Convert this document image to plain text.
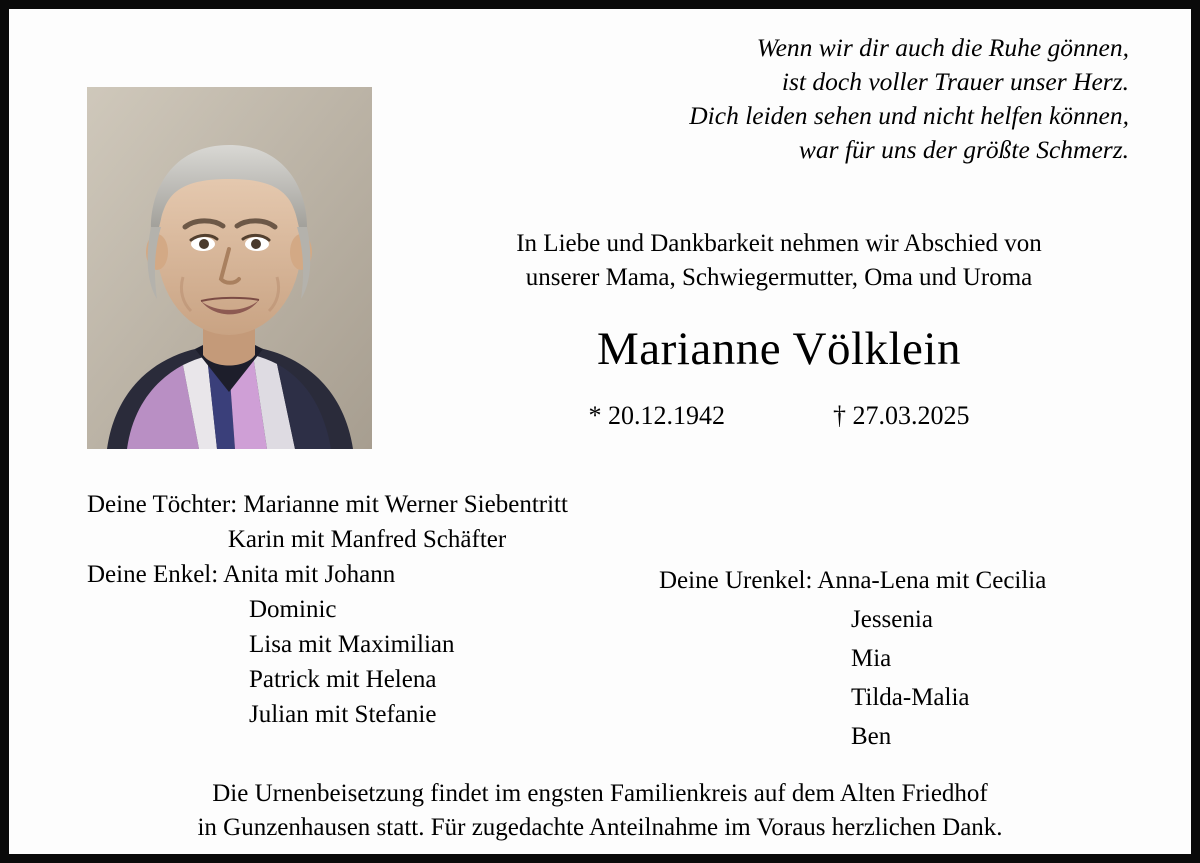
Wenn wir dir auch die Ruhe gönnen,
ist doch voller Trauer unser Herz.
Dich leiden sehen und nicht helfen können,
war für uns der größte Schmerz.
In Liebe und Dankbarkeit nehmen wir Abschied von
unserer Mama, Schwiegermutter, Oma und Uroma
Marianne Völklein
* 20.12.1942	† 27.03.2025
Deine Töchter: Marianne mit Werner Siebentritt
Karin mit Manfred Schäfter
Deine Enkel: Anita mit Johann
Dominic
Lisa mit Maximilian
Patrick mit Helena
Julian mit Stefanie
Deine Urenkel: Anna-Lena mit Cecilia
Jessenia
Mia
Tilda-Malia
Ben
Die Urnenbeisetzung findet im engsten Familienkreis auf dem Alten Friedhof
in Gunzenhausen statt. Für zugedachte Anteilnahme im Voraus herzlichen Dank.
